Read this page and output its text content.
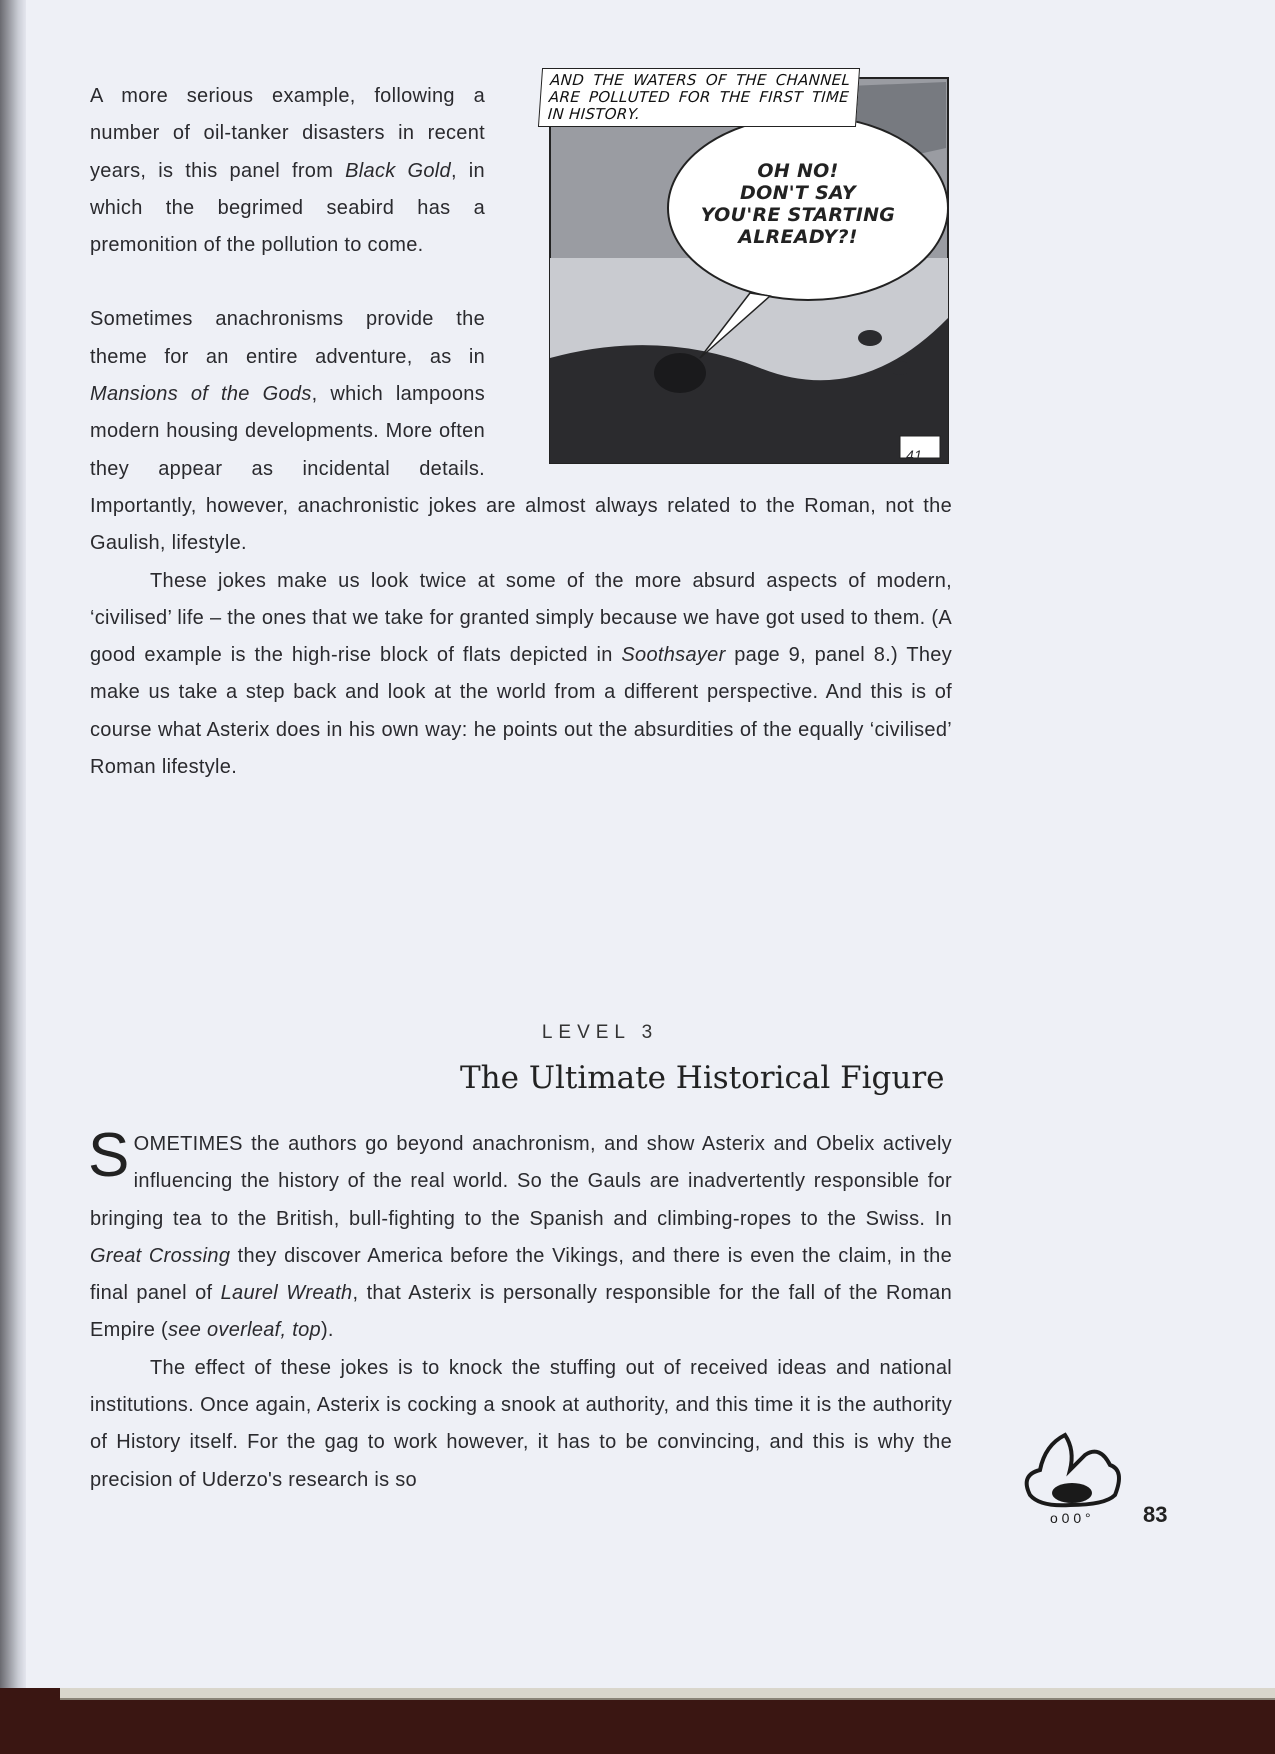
AND THE WATERS OF THE CHANNEL ARE POLLUTED FOR THE FIRST TIME IN HISTORY.
OH NO!
DON'T SAY
YOU'RE STARTING
ALREADY?!
41

A more serious example, following a number of oil-tanker disasters in recent years, is this panel from Black Gold, in which the begrimed seabird has a premonition of the pollution to come.

Sometimes anachronisms provide the theme for an entire adventure, as in Mansions of the Gods, which lampoons modern housing developments. More often they appear as incidental details. Importantly, however, anachronistic jokes are almost always related to the Roman, not the Gaulish, lifestyle.

These jokes make us look twice at some of the more absurd aspects of modern, ‘civilised’ life – the ones that we take for granted simply because we have got used to them. (A good example is the high-rise block of flats depicted in Soothsayer page 9, panel 8.) They make us take a step back and look at the world from a different perspective. And this is of course what Asterix does in his own way: he points out the absurdities of the equally ‘civilised’ Roman lifestyle.

LEVEL 3
The Ultimate Historical Figure

SOMETIMES the authors go beyond anachronism, and show Asterix and Obelix actively influencing the history of the real world. So the Gauls are inadvertently responsible for bringing tea to the British, bull-fighting to the Spanish and climbing-ropes to the Swiss. In Great Crossing they discover America before the Vikings, and there is even the claim, in the final panel of Laurel Wreath, that Asterix is personally responsible for the fall of the Roman Empire (see overleaf, top).

The effect of these jokes is to knock the stuffing out of received ideas and national institutions. Once again, Asterix is cocking a snook at authority, and this time it is the authority of History itself. For the gag to work however, it has to be convincing, and this is why the precision of Uderzo's research is so

o 0 0 ° 83
